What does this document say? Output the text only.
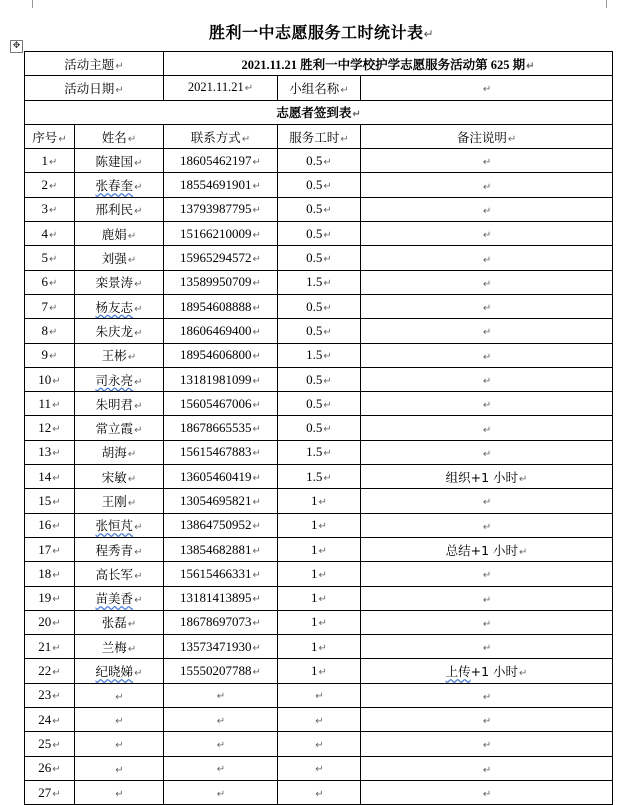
胜利一中志愿服务工时统计表↵
✥
活动主题↵		2021.11.21 胜利一中学校护学志愿服务活动第 625 期↵		
活动日期↵		2021.11.21↵	小组名称↵	↵
志愿者签到表↵				
序号↵	姓名↵	联系方式↵	服务工时↵	备注说明↵
1↵	陈建国↵	18605462197↵	0.5↵	↵
2↵	张春奎↵	18554691901↵	0.5↵	↵
3↵	邢利民↵	13793987795↵	0.5↵	↵
4↵	鹿娟↵	15166210009↵	0.5↵	↵
5↵	刘强↵	15965294572↵	0.5↵	↵
6↵	栾景涛↵	13589950709↵	1.5↵	↵
7↵	杨友志↵	18954608888↵	0.5↵	↵
8↵	朱庆龙↵	18606469400↵	0.5↵	↵
9↵	王彬↵	18954606800↵	1.5↵	↵
10↵	司永亮↵	13181981099↵	0.5↵	↵
11↵	朱明君↵	15605467006↵	0.5↵	↵
12↵	常立霞↵	18678665535↵	0.5↵	↵
13↵	胡海↵	15615467883↵	1.5↵	↵
14↵	宋敏↵	13605460419↵	1.5↵	组织+1 小时↵
15↵	王刚↵	13054695821↵	1↵	↵
16↵	张恒芃↵	13864750952↵	1↵	↵
17↵	程秀青↵	13854682881↵	1↵	总结+1 小时↵
18↵	高长军↵	15615466331↵	1↵	↵
19↵	苗美香↵	13181413895↵	1↵	↵
20↵	张磊↵	18678697073↵	1↵	↵
21↵	兰梅↵	13573471930↵	1↵	↵
22↵	纪晓娣↵	15550207788↵	1↵	上传+1 小时↵
23↵	↵	↵	↵	↵
24↵	↵	↵	↵	↵
25↵	↵	↵	↵	↵
26↵	↵	↵	↵	↵
27↵	↵	↵	↵	↵
